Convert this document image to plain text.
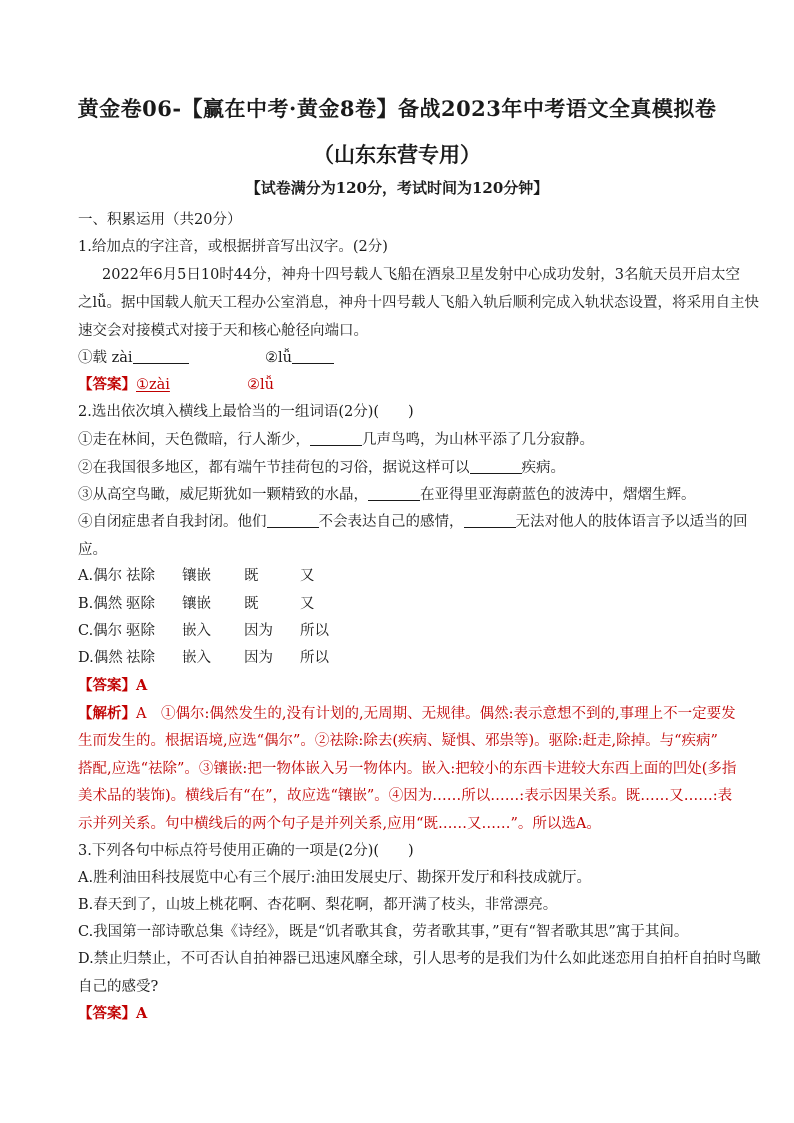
黄金卷06-【赢在中考·黄金8卷】备战2023年中考语文全真模拟卷
（山东东营专用）
【试卷满分为120分，考试时间为120分钟】
一、积累运用（共20分）
1.给加点的字注音，或根据拼音写出汉字。(2分)
2022年6月5日10时44分，神舟十四号载人飞船在酒泉卫星发射中心成功发射，3名航天员开启太空
之lǚ。据中国载人航天工程办公室消息，神舟十四号载人飞船入轨后顺利完成入轨状态设置，将采用自主快
速交会对接模式对接于天和核心舱径向端口。
①载 zài	②lǚ
【答案】①zài	②lǚ
2.选出依次填入横线上最恰当的一组词语(2分)(　　)
①走在林间，天色微暗，行人渐少，	几声鸟鸣，为山林平添了几分寂静。
②在我国很多地区，都有端午节挂荷包的习俗，据说这样可以	疾病。
③从高空鸟瞰，威尼斯犹如一颗精致的水晶，	在亚得里亚海蔚蓝色的波涛中，熠熠生辉。
④自闭症患者自我封闭。他们	不会表达自己的感情，	无法对他人的肢体语言予以适当的回
应。
A.偶尔 祛除 镶嵌 既	又
B.偶然 驱除 镶嵌 既	又
C.偶尔 驱除 嵌入 因为 所以
D.偶然 祛除 嵌入 因为 所以
【答案】A
【解析】A　①偶尔:偶然发生的,没有计划的,无周期、无规律。偶然:表示意想不到的,事理上不一定要发
生而发生的。根据语境,应选“偶尔”。②祛除:除去(疾病、疑惧、邪祟等)。驱除:赶走,除掉。与“疾病”
搭配,应选“祛除”。③镶嵌:把一物体嵌入另一物体内。嵌入:把较小的东西卡进较大东西上面的凹处(多指
美术品的装饰)。横线后有“在”，故应选“镶嵌”。④因为……所以……:表示因果关系。既……又……:表
示并列关系。句中横线后的两个句子是并列关系,应用“既……又……”。所以选A。
3.下列各句中标点符号使用正确的一项是(2分)(　　)
A.胜利油田科技展览中心有三个展厅:油田发展史厅、勘探开发厅和科技成就厅。
B.春天到了，山坡上桃花啊、杏花啊、梨花啊，都开满了枝头，非常漂亮。
C.我国第一部诗歌总集《诗经》，既是“饥者歌其食，劳者歌其事，”更有“智者歌其思”寓于其间。
D.禁止归禁止，不可否认自拍神器已迅速风靡全球，引人思考的是我们为什么如此迷恋用自拍杆自拍时鸟瞰
自己的感受?
【答案】A
